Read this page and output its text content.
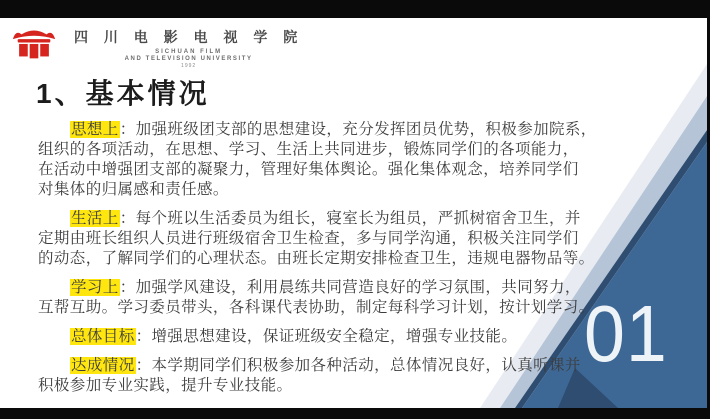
四 川 电 影 电 视 学 院
SICHUAN FILM
AND TELEVISION UNIVERSITY
1992
1、基本情况
思想上：加强班级团支部的思想建设，充分发挥团员优势，积极参加院系，
组织的各项活动，在思想、学习、生活上共同进步，锻炼同学们的各项能力，
在活动中增强团支部的凝聚力，管理好集体舆论。强化集体观念，培养同学们
对集体的归属感和责任感。
生活上：每个班以生活委员为组长，寝室长为组员，严抓树宿舍卫生，并
定期由班长组织人员进行班级宿舍卫生检查，多与同学沟通，积极关注同学们
的动态，了解同学们的心理状态。由班长定期安排检查卫生，违规电器物品等。
学习上：加强学风建设，利用晨练共同营造良好的学习氛围，共同努力，
互帮互助。学习委员带头，各科课代表协助，制定每科学习计划，按计划学习。
总体目标：增强思想建设，保证班级安全稳定，增强专业技能。
达成情况：本学期同学们积极参加各种活动，总体情况良好，认真听课并
积极参加专业实践，提升专业技能。
01
